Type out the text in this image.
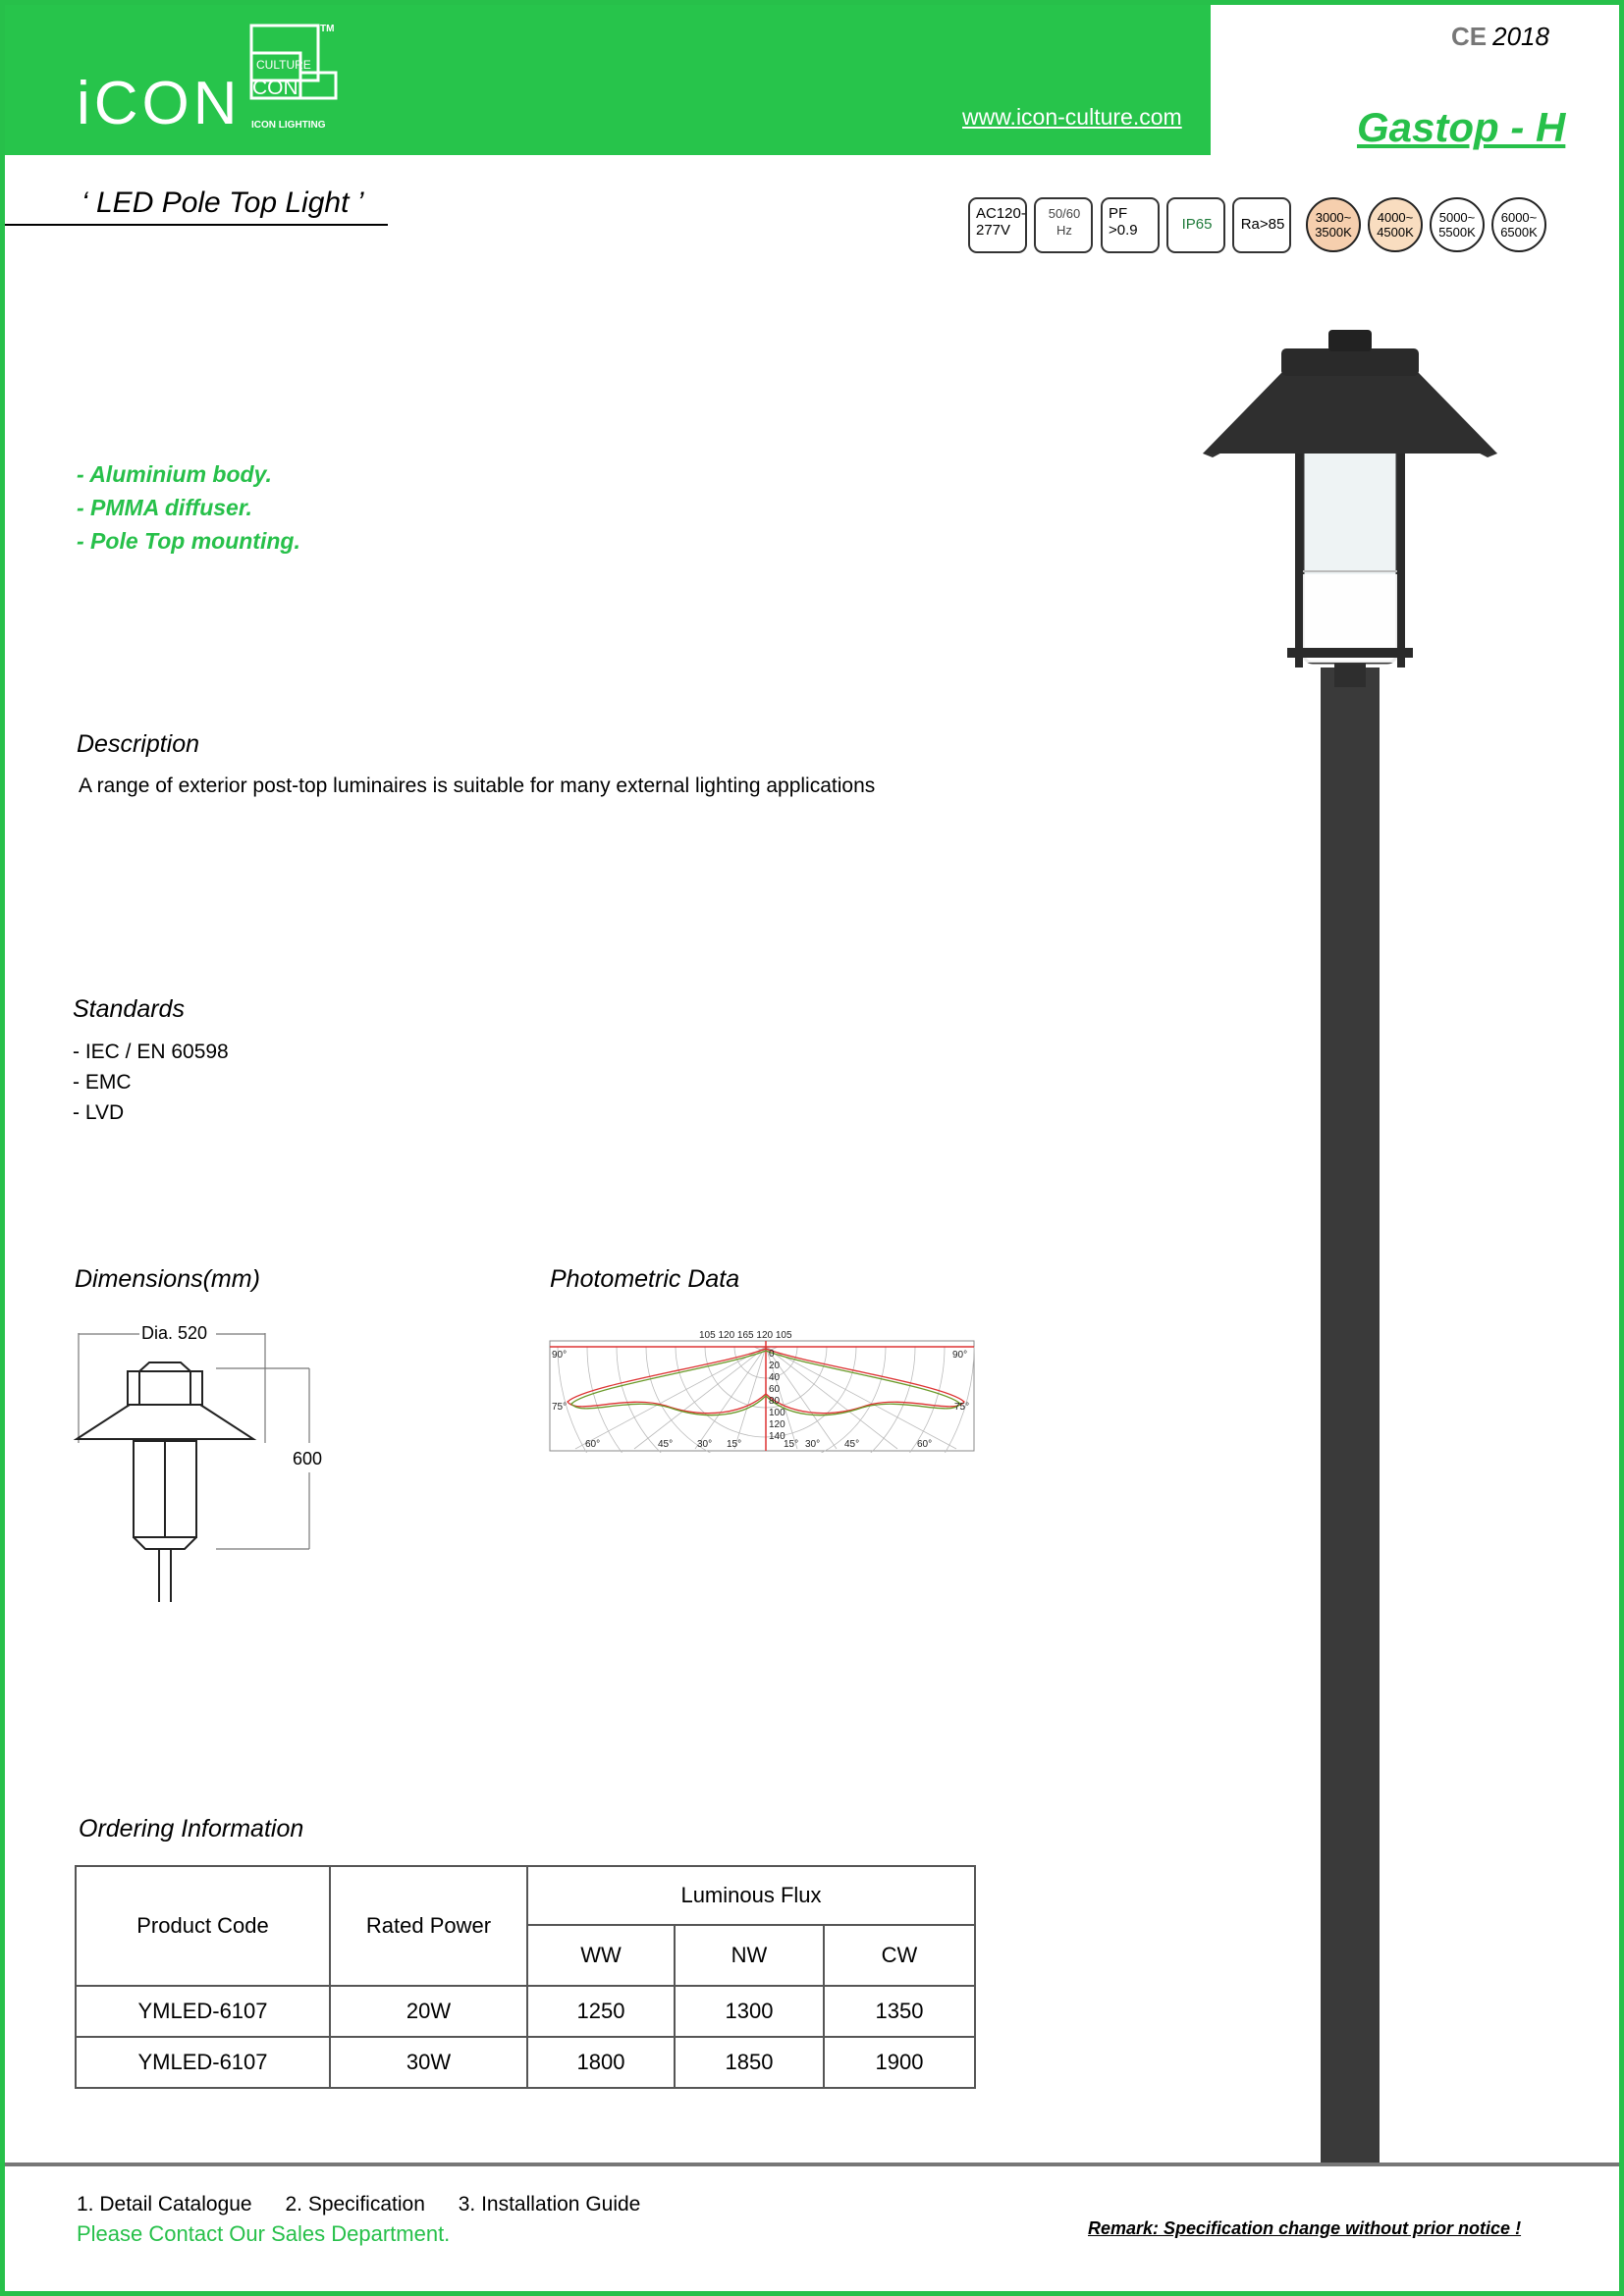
iCON
CULTURE
CON
ICON LIGHTING
TM
www.icon-culture.com
CE 2018
Gastop - H
‘ LED Pole Top Light ’	AC120-
277V
50/60
Hz
PF
>0.9	IP65	Ra>85	3000~
3500K
4000~
4500K
5000~
5500K
6000~
6500K
- Aluminium body.
- PMMA diffuser.
- Pole Top mounting.
Description
A range of exterior post-top luminaires is suitable for many external lighting applications
Standards
- IEC / EN 60598
- EMC
- LVD
Dimensions(mm)	Photometric Data
Dia. 520
600
105 120 165 120 105
90°	90°
75°	75°
60°	45° 30° 15°	15° 30° 45°	60°
0
20
40
60
80
100
120
140
Ordering Information
Product Code	Rated Power	Luminous Flux		
		WW	NW	CW
YMLED-6107	20W	1250	1300	1350
YMLED-6107	30W	1800	1850	1900
1. Detail Catalogue 2. Specification 3. Installation Guide
Please Contact Our Sales Department.	Remark: Specification change without prior notice !
